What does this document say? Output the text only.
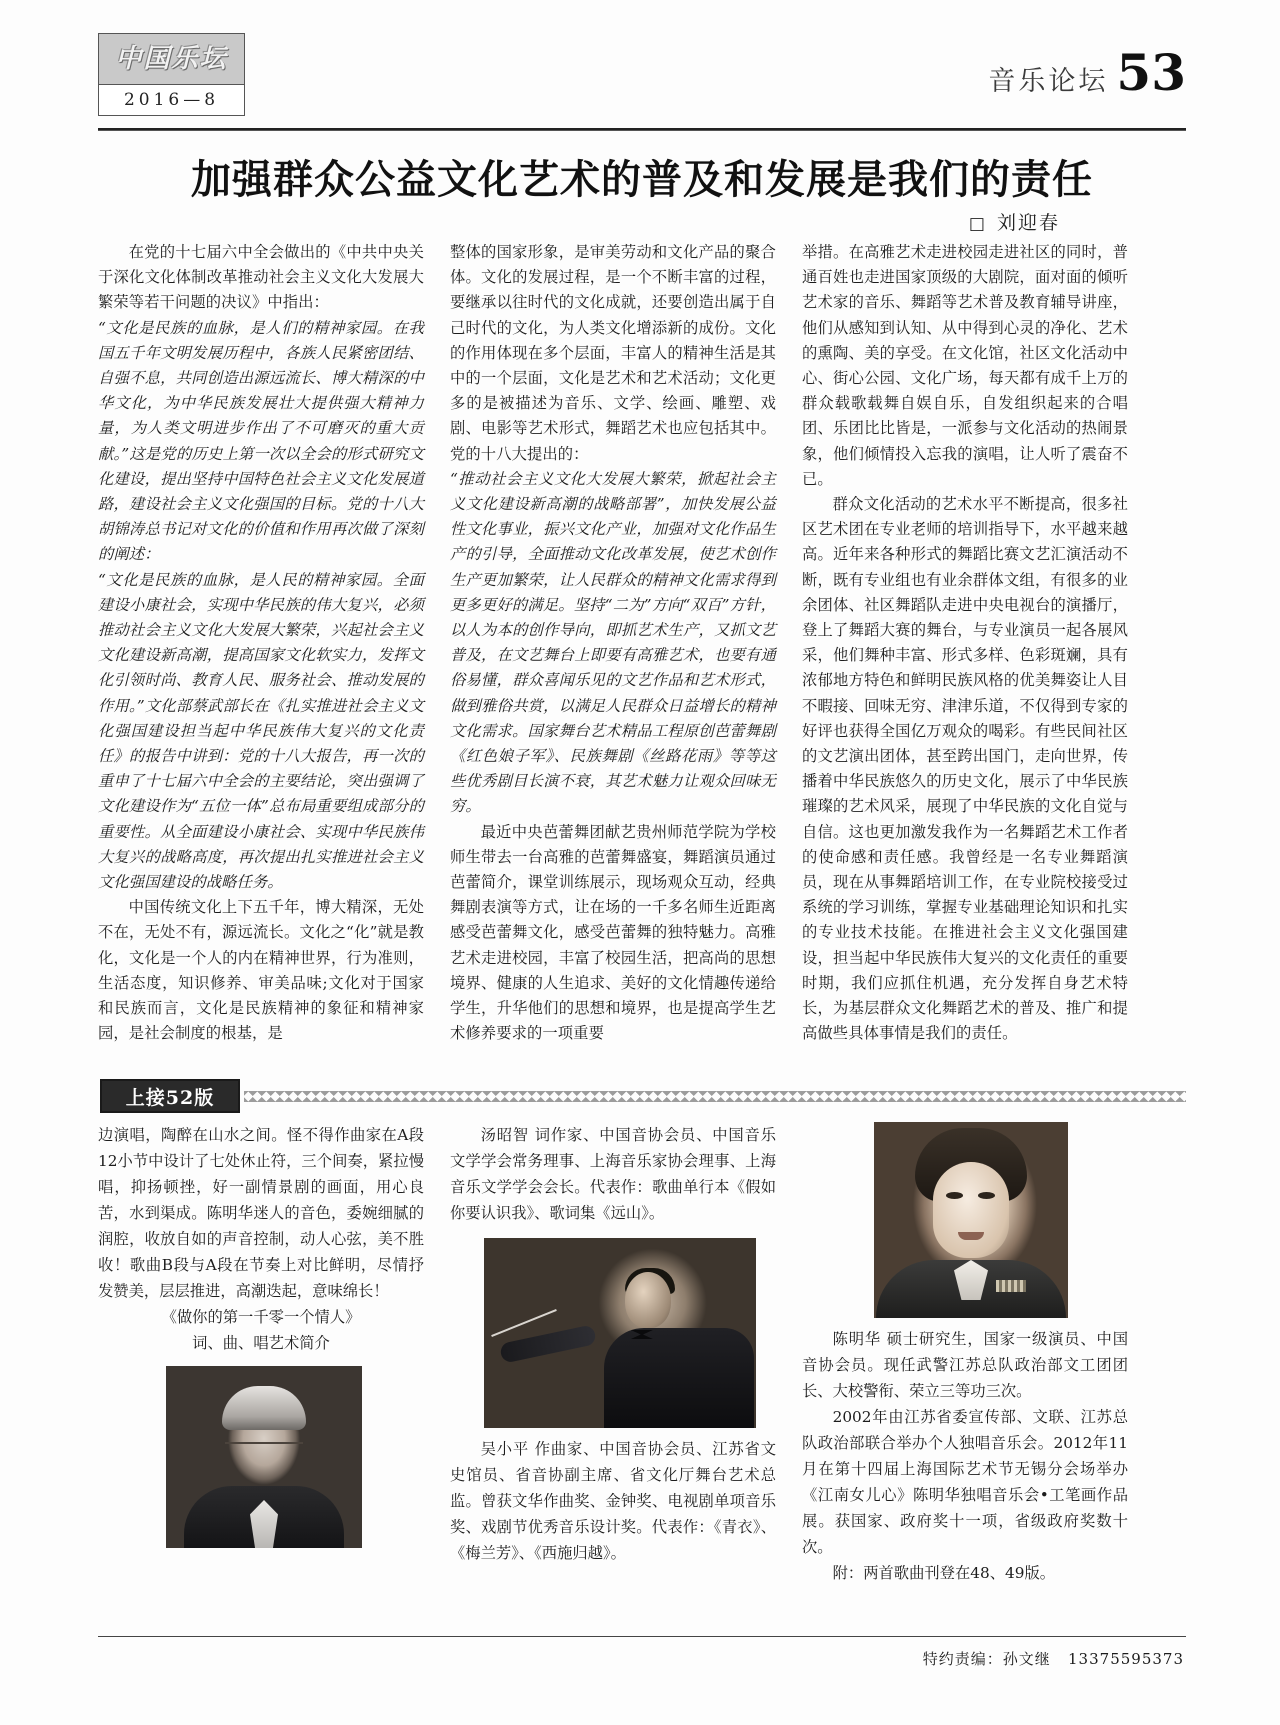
中国乐坛
2016—8
音乐论坛 53
加强群众公益文化艺术的普及和发展是我们的责任
□ 刘迎春

在党的十七届六中全会做出的《中共中央关于深化文化体制改革推动社会主义文化大发展大繁荣等若干问题的决议》中指出：

“文化是民族的血脉，是人们的精神家园。在我国五千年文明发展历程中，各族人民紧密团结、自强不息，共同创造出源远流长、博大精深的中华文化，为中华民族发展壮大提供强大精神力量，为人类文明进步作出了不可磨灭的重大贡献。”这是党的历史上第一次以全会的形式研究文化建设，提出坚持中国特色社会主义文化发展道路，建设社会主义文化强国的目标。党的十八大胡锦涛总书记对文化的价值和作用再次做了深刻的阐述：

“文化是民族的血脉，是人民的精神家园。全面建设小康社会，实现中华民族的伟大复兴，必须推动社会主义文化大发展大繁荣，兴起社会主义文化建设新高潮，提高国家文化软实力，发挥文化引领时尚、教育人民、服务社会、推动发展的作用。”文化部蔡武部长在《扎实推进社会主义文化强国建设担当起中华民族伟大复兴的文化责任》的报告中讲到：党的十八大报告，再一次的重申了十七届六中全会的主要结论，突出强调了文化建设作为“五位一体”总布局重要组成部分的重要性。从全面建设小康社会、实现中华民族伟大复兴的战略高度，再次提出扎实推进社会主义文化强国建设的战略任务。

中国传统文化上下五千年，博大精深，无处不在，无处不有，源远流长。文化之“化”就是教化，文化是一个人的内在精神世界，行为准则，生活态度，知识修养、审美品味;文化对于国家和民族而言，文化是民族精神的象征和精神家园，是社会制度的根基，是

整体的国家形象，是审美劳动和文化产品的聚合体。文化的发展过程，是一个不断丰富的过程，要继承以往时代的文化成就，还要创造出属于自己时代的文化，为人类文化增添新的成份。文化的作用体现在多个层面，丰富人的精神生活是其中的一个层面，文化是艺术和艺术活动；文化更多的是被描述为音乐、文学、绘画、雕塑、戏剧、电影等艺术形式，舞蹈艺术也应包括其中。党的十八大提出的：

“推动社会主义文化大发展大繁荣，掀起社会主义文化建设新高潮的战略部署”，加快发展公益性文化事业，振兴文化产业，加强对文化作品生产的引导，全面推动文化改革发展，使艺术创作生产更加繁荣，让人民群众的精神文化需求得到更多更好的满足。坚持“二为”方向“双百”方针，以人为本的创作导向，即抓艺术生产，又抓文艺普及，在文艺舞台上即要有高雅艺术，也要有通俗易懂，群众喜闻乐见的文艺作品和艺术形式，做到雅俗共赏，以满足人民群众日益增长的精神文化需求。国家舞台艺术精品工程原创芭蕾舞剧《红色娘子军》、民族舞剧《丝路花雨》等等这些优秀剧目长演不衰，其艺术魅力让观众回味无穷。

最近中央芭蕾舞团献艺贵州师范学院为学校师生带去一台高雅的芭蕾舞盛宴，舞蹈演员通过芭蕾简介，课堂训练展示，现场观众互动，经典舞剧表演等方式，让在场的一千多名师生近距离感受芭蕾舞文化，感受芭蕾舞的独特魅力。高雅艺术走进校园，丰富了校园生活，把高尚的思想境界、健康的人生追求、美好的文化情趣传递给学生，升华他们的思想和境界，也是提高学生艺术修养要求的一项重要

举措。在高雅艺术走进校园走进社区的同时，普通百姓也走进国家顶级的大剧院，面对面的倾听艺术家的音乐、舞蹈等艺术普及教育辅导讲座，他们从感知到认知、从中得到心灵的净化、艺术的熏陶、美的享受。在文化馆，社区文化活动中心、街心公园、文化广场，每天都有成千上万的群众载歌载舞自娱自乐，自发组织起来的合唱团、乐团比比皆是，一派参与文化活动的热闹景象，他们倾情投入忘我的演唱，让人听了震奋不已。

群众文化活动的艺术水平不断提高，很多社区艺术团在专业老师的培训指导下，水平越来越高。近年来各种形式的舞蹈比赛文艺汇演活动不断，既有专业组也有业余群体文组，有很多的业余团体、社区舞蹈队走进中央电视台的演播厅，登上了舞蹈大赛的舞台，与专业演员一起各展风采，他们舞种丰富、形式多样、色彩斑斓，具有浓郁地方特色和鲜明民族风格的优美舞姿让人目不暇接、回味无穷、津津乐道，不仅得到专家的好评也获得全国亿万观众的喝彩。有些民间社区的文艺演出团体，甚至跨出国门，走向世界，传播着中华民族悠久的历史文化，展示了中华民族璀璨的艺术风采，展现了中华民族的文化自觉与自信。这也更加激发我作为一名舞蹈艺术工作者的使命感和责任感。我曾经是一名专业舞蹈演员，现在从事舞蹈培训工作，在专业院校接受过系统的学习训练，掌握专业基础理论知识和扎实的专业技术技能。在推进社会主义文化强国建设，担当起中华民族伟大复兴的文化责任的重要时期，我们应抓住机遇，充分发挥自身艺术特长，为基层群众文化舞蹈艺术的普及、推广和提高做些具体事情是我们的责任。

上接52版

边演唱，陶醉在山水之间。怪不得作曲家在A段12小节中设计了七处休止符，三个间奏，紧拉慢唱，抑扬顿挫，好一副情景剧的画面，用心良苦，水到渠成。陈明华迷人的音色，委婉细腻的润腔，收放自如的声音控制，动人心弦，美不胜收！歌曲B段与A段在节奏上对比鲜明，尽情抒发赞美，层层推进，高潮迭起，意味绵长！

《做你的第一千零一个情人》

词、曲、唱艺术简介

汤昭智 词作家、中国音协会员、中国音乐文学学会常务理事、上海音乐家协会理事、上海音乐文学学会会长。代表作：歌曲单行本《假如你要认识我》、歌词集《远山》。

吴小平 作曲家、中国音协会员、江苏省文史馆员、省音协副主席、省文化厅舞台艺术总监。曾获文华作曲奖、金钟奖、电视剧单项音乐奖、戏剧节优秀音乐设计奖。代表作：《青衣》、《梅兰芳》、《西施归越》。

陈明华 硕士研究生，国家一级演员、中国音协会员。现任武警江苏总队政治部文工团团长、大校警衔、荣立三等功三次。

2002年由江苏省委宣传部、文联、江苏总队政治部联合举办个人独唱音乐会。2012年11月在第十四届上海国际艺术节无锡分会场举办《江南女儿心》陈明华独唱音乐会•工笔画作品展。获国家、政府奖十一项，省级政府奖数十次。

附：两首歌曲刊登在48、49版。

特约责编：孙文继 13375595373
